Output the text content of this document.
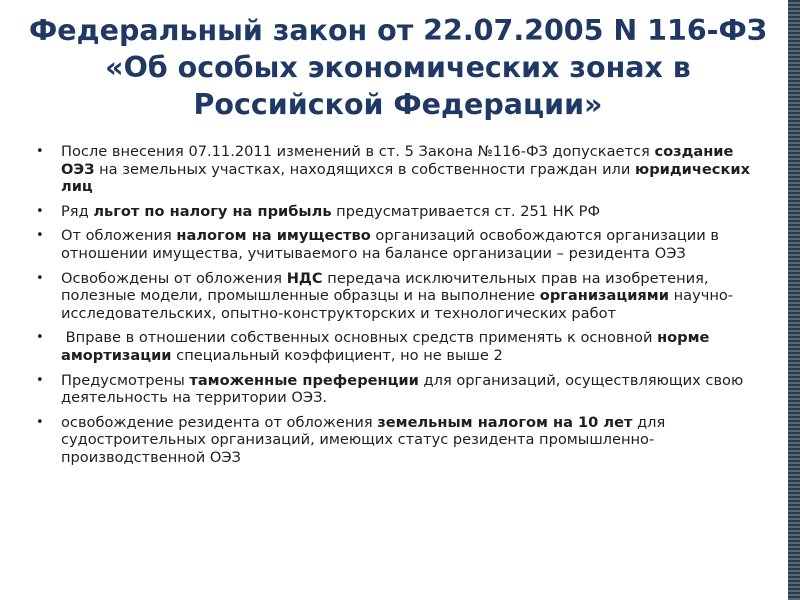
Федеральный закон от 22.07.2005 N 116-ФЗ «Об особых экономических зонах в Российской Федерации»
• После внесения 07.11.2011 изменений в ст. 5 Закона №116-ФЗ допускается создание ОЭЗ на земельных участках, находящихся в собственности граждан или юридических лиц
• Ряд льгот по налогу на прибыль предусматривается ст. 251 НК РФ
• От обложения налогом на имущество организаций освобождаются организации в отношении имущества, учитываемого на балансе организации – резидента ОЭЗ
• Освобождены от обложения НДС передача исключительных прав на изобретения, полезные модели, промышленные образцы и на выполнение организациями научно-исследовательских, опытно-конструкторских и технологических работ
• Вправе в отношении собственных основных средств применять к основной норме амортизации специальный коэффициент, но не выше 2
• Предусмотрены таможенные преференции для организаций, осуществляющих свою деятельность на территории ОЭЗ.
• освобождение резидента от обложения земельным налогом на 10 лет для судостроительных организаций, имеющих статус резидента промышленно-производственной ОЭЗ
